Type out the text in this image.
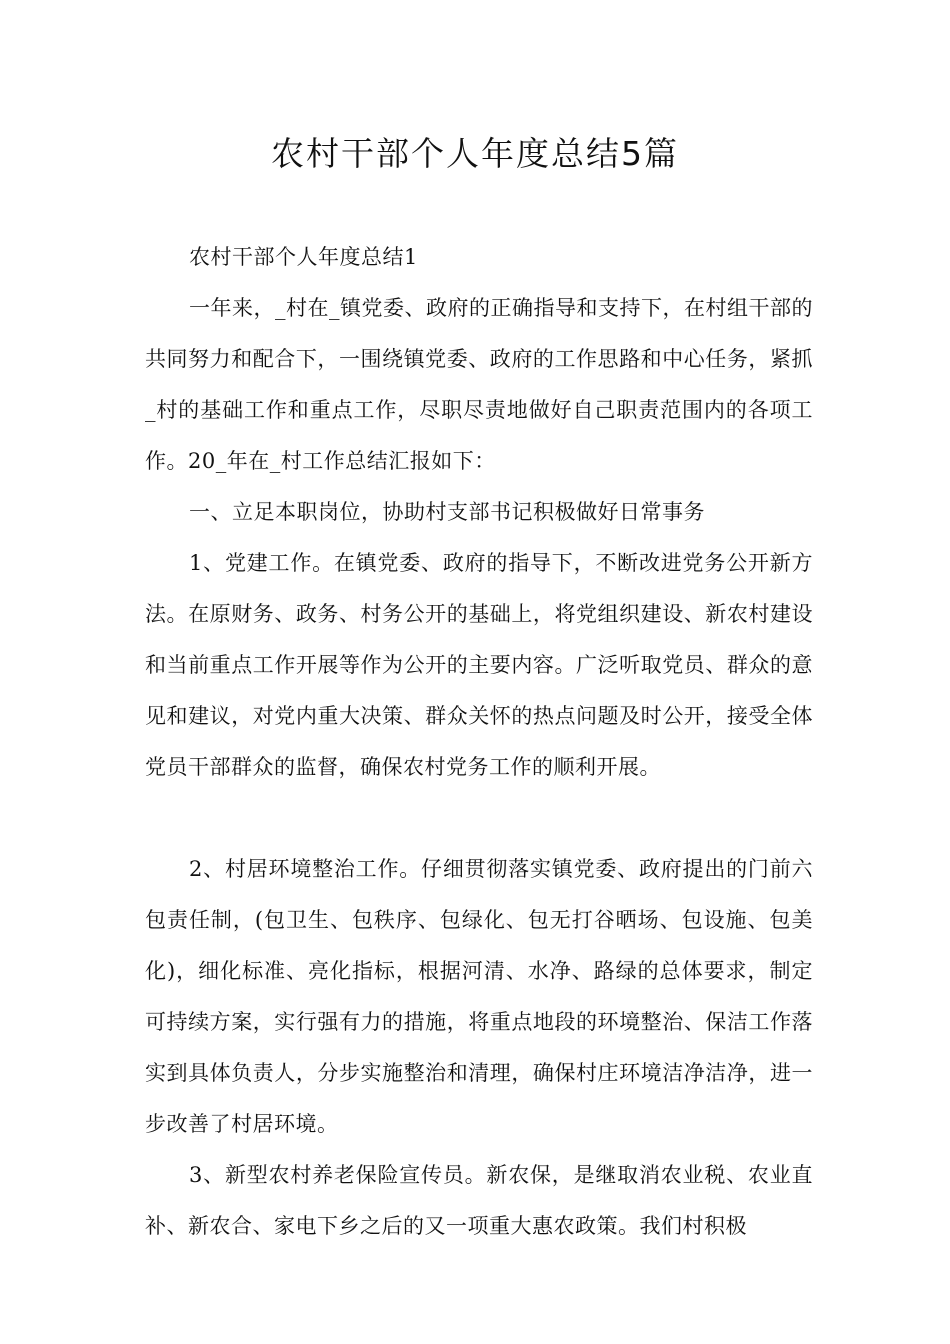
农村干部个人年度总结5篇

农村干部个人年度总结1

一年来，_村在_镇党委、政府的正确指导和支持下，在村组干部的共同努力和配合下，一围绕镇党委、政府的工作思路和中心任务，紧抓_村的基础工作和重点工作，尽职尽责地做好自己职责范围内的各项工作。20_年在_村工作总结汇报如下：

一、立足本职岗位，协助村支部书记积极做好日常事务

1、党建工作。在镇党委、政府的指导下，不断改进党务公开新方法。在原财务、政务、村务公开的基础上，将党组织建设、新农村建设和当前重点工作开展等作为公开的主要内容。广泛听取党员、群众的意见和建议，对党内重大决策、群众关怀的热点问题及时公开，接受全体党员干部群众的监督，确保农村党务工作的顺利开展。

2、村居环境整治工作。仔细贯彻落实镇党委、政府提出的门前六包责任制，(包卫生、包秩序、包绿化、包无打谷晒场、包设施、包美化)，细化标准、亮化指标，根据河清、水净、路绿的总体要求，制定可持续方案，实行强有力的措施，将重点地段的环境整治、保洁工作落实到具体负责人，分步实施整治和清理，确保村庄环境洁净洁净，进一步改善了村居环境。

3、新型农村养老保险宣传员。新农保，是继取消农业税、农业直补、新农合、家电下乡之后的又一项重大惠农政策。我们村积极
